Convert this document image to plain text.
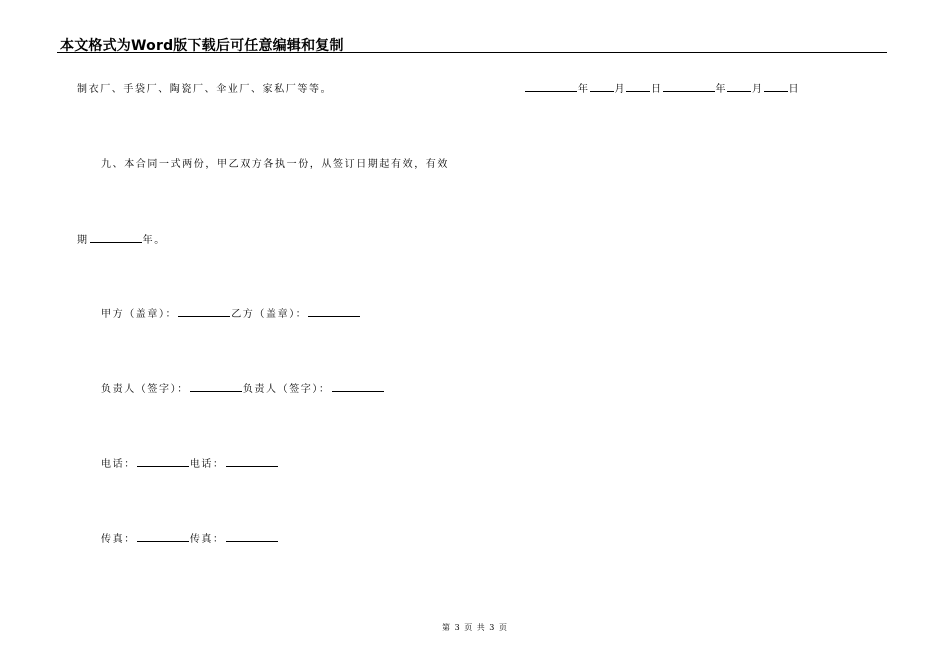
本文格式为Word版下载后可任意编辑和复制
制衣厂、手袋厂、陶瓷厂、伞业厂、家私厂等等。	年	月	日	年	月	日
九、本合同一式两份，甲乙双方各执一份，从签订日期起有效，有效
期	年。
甲方（盖章）：	乙方（盖章）：
负责人（签字）：	负责人（签字）：
电话：	电话：
传真：	传真：
第 3 页 共 3 页
